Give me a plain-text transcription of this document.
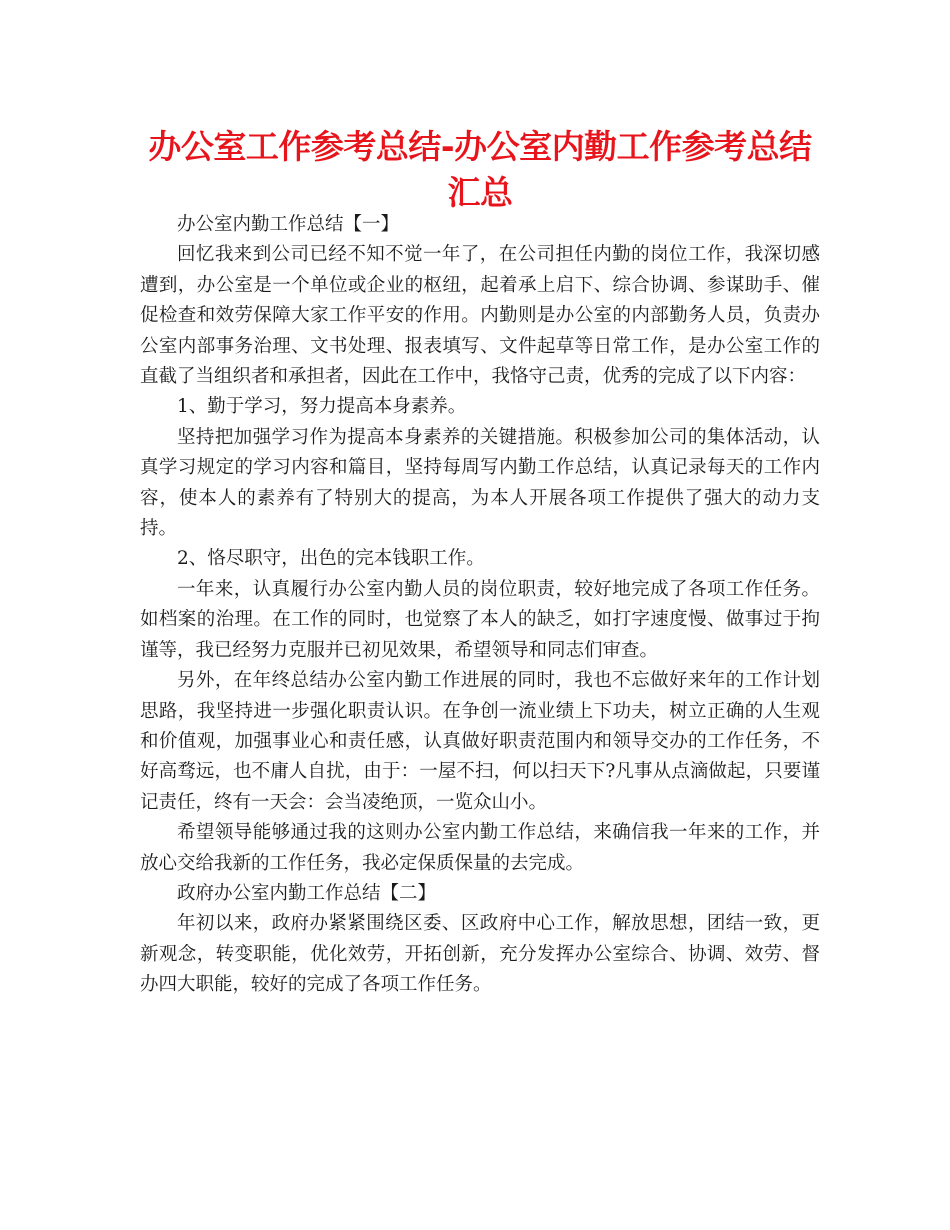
办公室工作参考总结-办公室内勤工作参考总结汇总

办公室内勤工作总结【一】

回忆我来到公司已经不知不觉一年了，在公司担任内勤的岗位工作，我深切感遭到，办公室是一个单位或企业的枢纽，起着承上启下、综合协调、参谋助手、催促检查和效劳保障大家工作平安的作用。内勤则是办公室的内部勤务人员，负责办公室内部事务治理、文书处理、报表填写、文件起草等日常工作，是办公室工作的直截了当组织者和承担者，因此在工作中，我恪守己责，优秀的完成了以下内容：

1、勤于学习，努力提高本身素养。

坚持把加强学习作为提高本身素养的关键措施。积极参加公司的集体活动，认真学习规定的学习内容和篇目，坚持每周写内勤工作总结，认真记录每天的工作内容，使本人的素养有了特别大的提高，为本人开展各项工作提供了强大的动力支持。

2、恪尽职守，出色的完本钱职工作。

一年来，认真履行办公室内勤人员的岗位职责，较好地完成了各项工作任务。如档案的治理。在工作的同时，也觉察了本人的缺乏，如打字速度慢、做事过于拘谨等，我已经努力克服并已初见效果，希望领导和同志们审查。

另外，在年终总结办公室内勤工作进展的同时，我也不忘做好来年的工作计划思路，我坚持进一步强化职责认识。在争创一流业绩上下功夫，树立正确的人生观和价值观，加强事业心和责任感，认真做好职责范围内和领导交办的工作任务，不好高骛远，也不庸人自扰，由于：一屋不扫，何以扫天下?凡事从点滴做起，只要谨记责任，终有一天会：会当凌绝顶，一览众山小。

希望领导能够通过我的这则办公室内勤工作总结，来确信我一年来的工作，并放心交给我新的工作任务，我必定保质保量的去完成。

政府办公室内勤工作总结【二】

年初以来，政府办紧紧围绕区委、区政府中心工作，解放思想，团结一致，更新观念，转变职能，优化效劳，开拓创新，充分发挥办公室综合、协调、效劳、督办四大职能，较好的完成了各项工作任务。
